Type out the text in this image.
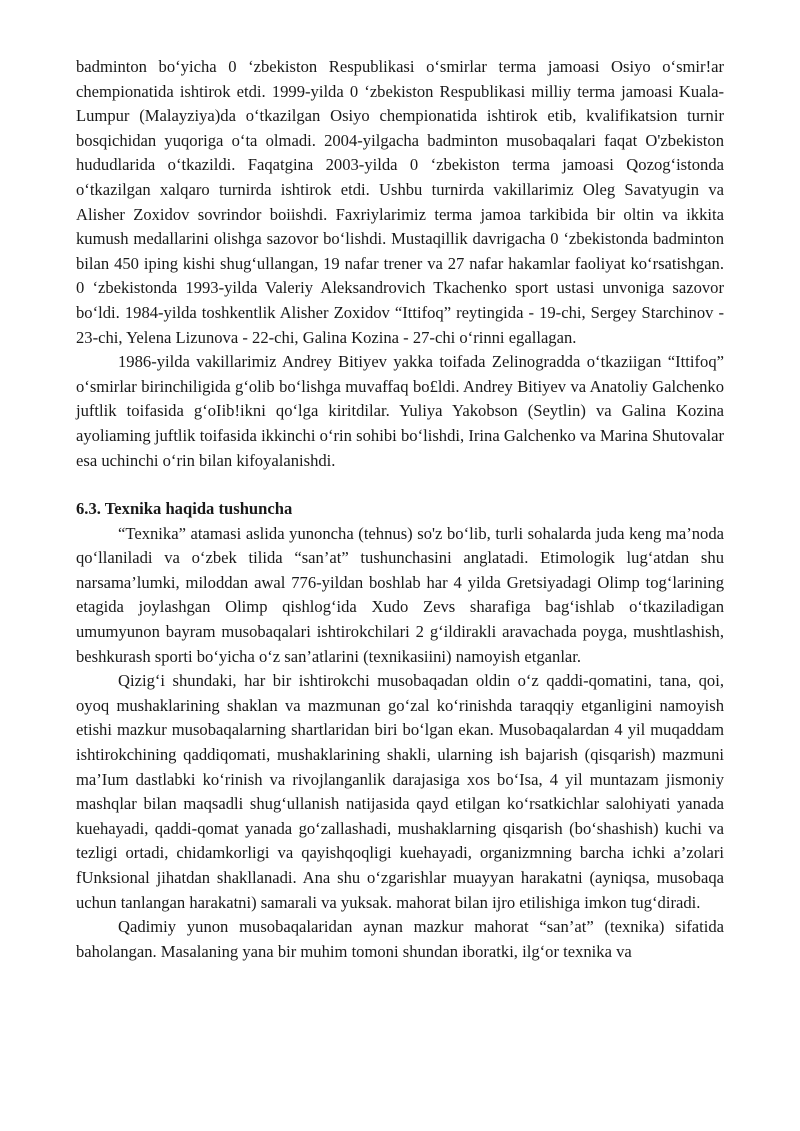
badminton bo‘yicha 0 ‘zbekiston Respublikasi o‘smirlar terma jamoasi Osiyo o‘smir!ar chempionatida ishtirok etdi. 1999-yilda 0 ‘zbekiston Respublikasi milliy terma jamoasi Kuala-Lumpur (Malayziya)da o‘tkazilgan Osiyo chempionatida ishtirok etib, kvalifikatsion turnir bosqichidan yuqoriga o‘ta olmadi. 2004-yilgacha badminton musobaqalari faqat O'zbekiston hududlarida o‘tkazildi. Faqatgina 2003-yilda 0 ‘zbekiston terma jamoasi Qozog‘istonda o‘tkazilgan xalqaro turnirda ishtirok etdi. Ushbu turnirda vakillarimiz Oleg Savatyugin va Alisher Zoxidov sovrindor boiishdi. Faxriylarimiz terma jamoa tarkibida bir oltin va ikkita kumush medallarini olishga sazovor bo‘lishdi. Mustaqillik davrigacha 0 ‘zbekistonda badminton bilan 450 iping kishi shug‘ullangan, 19 nafar trener va 27 nafar hakamlar faoliyat ko‘rsatishgan. 0 ‘zbekistonda 1993-yilda Valeriy Aleksandrovich Tkachenko sport ustasi unvoniga sazovor bo‘ldi. 1984-yilda toshkentlik Alisher Zoxidov “Ittifoq” reytingida - 19-chi, Sergey Starchinov - 23-chi, Yelena Lizunova - 22-chi, Galina Kozina - 27-chi o‘rinni egallagan.

1986-yilda vakillarimiz Andrey Bitiyev yakka toifada Zelinogradda o‘tkaziigan “Ittifoq” o‘smirlar birinchiligida g‘olib bo‘lishga muvaffaq bo£ldi. Andrey Bitiyev va Anatoliy Galchenko juftlik toifasida g‘oIib!ikni qo‘lga kiritdilar. Yuliya Yakobson (Seytlin) va Galina Kozina ayoliaming juftlik toifasida ikkinchi o‘rin sohibi bo‘lishdi, Irina Galchenko va Marina Shutovalar esa uchinchi o‘rin bilan kifoyalanishdi.

6.3. Texnika haqida tushuncha

“Texnika” atamasi aslida yunoncha (tehnus) so'z bo‘lib, turli sohalarda juda keng ma’noda qo‘llaniladi va o‘zbek tilida “san’at” tushunchasini anglatadi. Etimologik lug‘atdan shu narsama’lumki, miloddan awal 776-yildan boshlab har 4 yilda Gretsiyadagi Olimp tog‘larining etagida joylashgan Olimp qishlog‘ida Xudo Zevs sharafiga bag‘ishlab o‘tkaziladigan umumyunon bayram musobaqalari ishtirokchilari 2 g‘ildirakli aravachada poyga, mushtlashish, beshkurash sporti bo‘yicha o‘z san’atlarini (texnikasiini) namoyish etganlar.

Qizig‘i shundaki, har bir ishtirokchi musobaqadan oldin o‘z qaddi-qomatini, tana, qoi, oyoq mushaklarining shaklan va mazmunan go‘zal ko‘rinishda taraqqiy etganligini namoyish etishi mazkur musobaqalarning shartlaridan biri bo‘lgan ekan. Musobaqalardan 4 yil muqaddam ishtirokchining qaddiqomati, mushaklarining shakli, ularning ish bajarish (qisqarish) mazmuni ma’Ium dastlabki ko‘rinish va rivojlanganlik darajasiga xos bo‘Isa, 4 yil muntazam jismoniy mashqlar bilan maqsadli shug‘ullanish natijasida qayd etilgan ko‘rsatkichlar salohiyati yanada kuehayadi, qaddi-qomat yanada go‘zallashadi, mushaklarning qisqarish (bo‘shashish) kuchi va tezligi ortadi, chidamkorligi va qayishqoqligi kuehayadi, organizmning barcha ichki a’zolari fUnksional jihatdan shakllanadi. Ana shu o‘zgarishlar muayyan harakatni (ayniqsa, musobaqa uchun tanlangan harakatni) samarali va yuksak. mahorat bilan ijro etilishiga imkon tug‘diradi.

Qadimiy yunon musobaqalaridan aynan mazkur mahorat “san’at” (texnika) sifatida baholangan. Masalaning yana bir muhim tomoni shundan iboratki, ilg‘or texnika va
